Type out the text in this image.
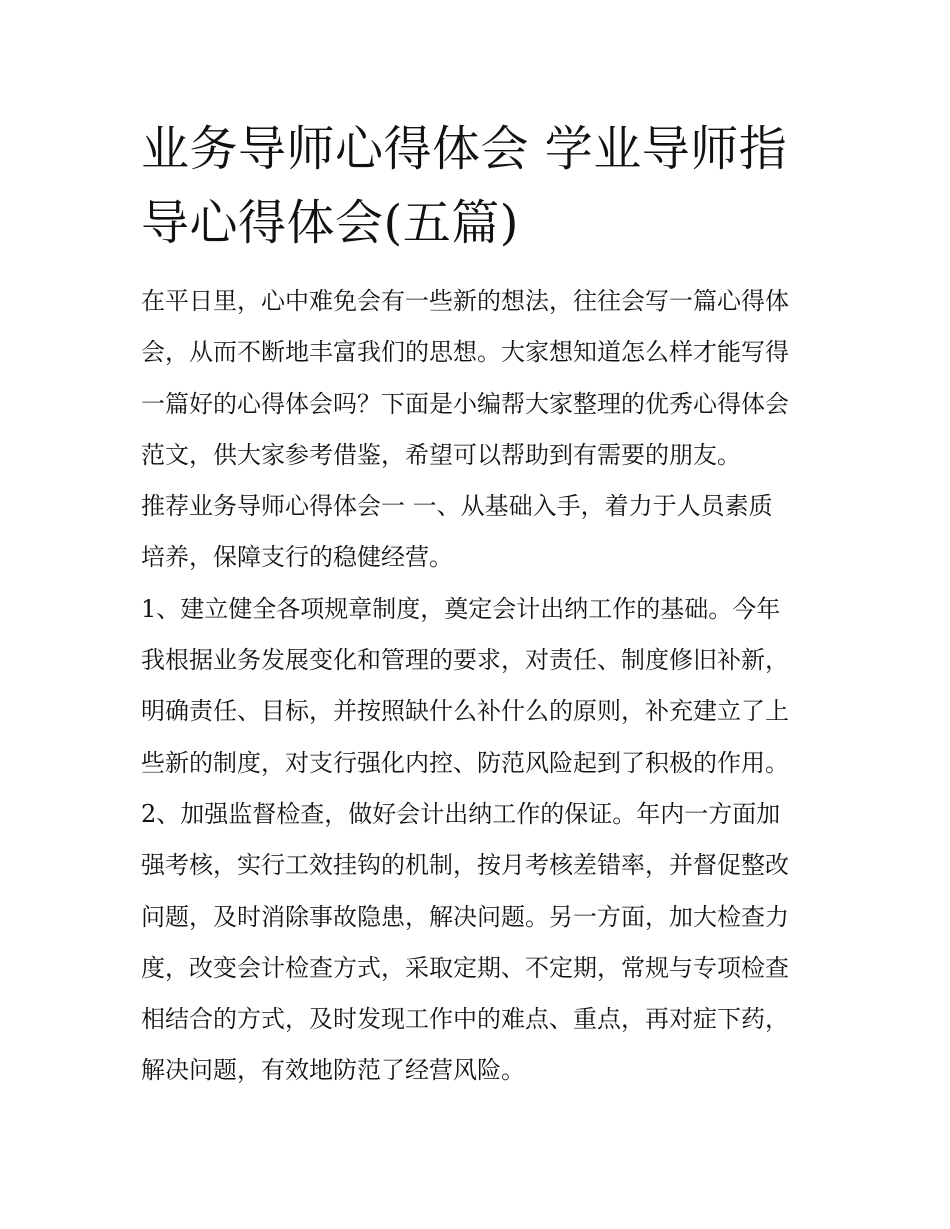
业务导师心得体会 学业导师指
导心得体会(五篇)
在平日里，心中难免会有一些新的想法，往往会写一篇心得体
会，从而不断地丰富我们的思想。大家想知道怎么样才能写得
一篇好的心得体会吗？下面是小编帮大家整理的优秀心得体会
范文，供大家参考借鉴，希望可以帮助到有需要的朋友。
推荐业务导师心得体会一 一、从基础入手，着力于人员素质
培养，保障支行的稳健经营。
1、建立健全各项规章制度，奠定会计出纳工作的基础。今年
我根据业务发展变化和管理的要求，对责任、制度修旧补新，
明确责任、目标，并按照缺什么补什么的原则，补充建立了上
些新的制度，对支行强化内控、防范风险起到了积极的作用。
2、加强监督检查，做好会计出纳工作的保证。年内一方面加
强考核，实行工效挂钩的机制，按月考核差错率，并督促整改
问题，及时消除事故隐患，解决问题。另一方面，加大检查力
度，改变会计检查方式，采取定期、不定期，常规与专项检查
相结合的方式，及时发现工作中的难点、重点，再对症下药，
解决问题，有效地防范了经营风险。
